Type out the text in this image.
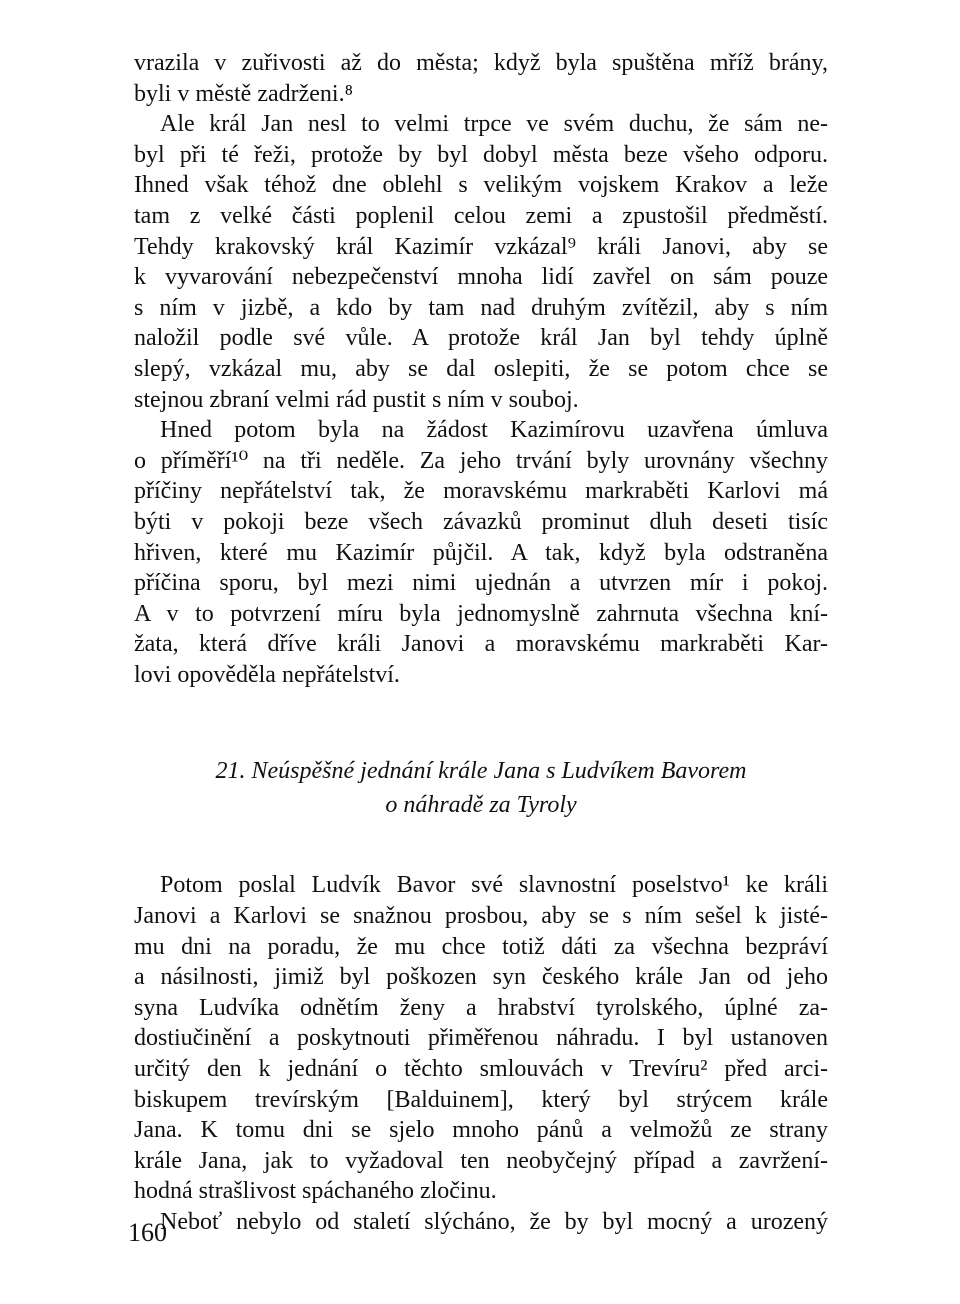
vrazila v zuřivosti až do města; když byla spuštěna mříž brány,
byli v městě zadrženi.⁸
Ale král Jan nesl to velmi trpce ve svém duchu, že sám ne-
byl při té řeži, protože by byl dobyl města beze všeho odporu.
Ihned však téhož dne oblehl s velikým vojskem Krakov a leže
tam z velké části poplenil celou zemi a zpustošil předměstí.
Tehdy krakovský král Kazimír vzkázal⁹ králi Janovi, aby se
k vyvarování nebezpečenství mnoha lidí zavřel on sám pouze
s ním v jizbě, a kdo by tam nad druhým zvítězil, aby s ním
naložil podle své vůle. A protože král Jan byl tehdy úplně
slepý, vzkázal mu, aby se dal oslepiti, že se potom chce se
stejnou zbraní velmi rád pustit s ním v souboj.
Hned potom byla na žádost Kazimírovu uzavřena úmluva
o příměří¹⁰ na tři neděle. Za jeho trvání byly urovnány všechny
příčiny nepřátelství tak, že moravskému markraběti Karlovi má
býti v pokoji beze všech závazků prominut dluh deseti tisíc
hřiven, které mu Kazimír půjčil. A tak, když byla odstraněna
příčina sporu, byl mezi nimi ujednán a utvrzen mír i pokoj.
A v to potvrzení míru byla jednomyslně zahrnuta všechna kní-
žata, která dříve králi Janovi a moravskému markraběti Kar-
lovi opověděla nepřátelství.
21. Neúspěšné jednání krále Jana s Ludvíkem Bavorem
o náhradě za Tyroly
Potom poslal Ludvík Bavor své slavnostní poselstvo¹ ke králi
Janovi a Karlovi se snažnou prosbou, aby se s ním sešel k jisté-
mu dni na poradu, že mu chce totiž dáti za všechna bezpráví
a násilnosti, jimiž byl poškozen syn českého krále Jan od jeho
syna Ludvíka odnětím ženy a hrabství tyrolského, úplné za-
dostiučinění a poskytnouti přiměřenou náhradu. I byl ustanoven
určitý den k jednání o těchto smlouvách v Trevíru² před arci-
biskupem trevírským [Balduinem], který byl strýcem krále
Jana. K tomu dni se sjelo mnoho pánů a velmožů ze strany
krále Jana, jak to vyžadoval ten neobyčejný případ a zavržení-
hodná strašlivost spáchaného zločinu.
Neboť nebylo od staletí slýcháno, že by byl mocný a urozený
160
